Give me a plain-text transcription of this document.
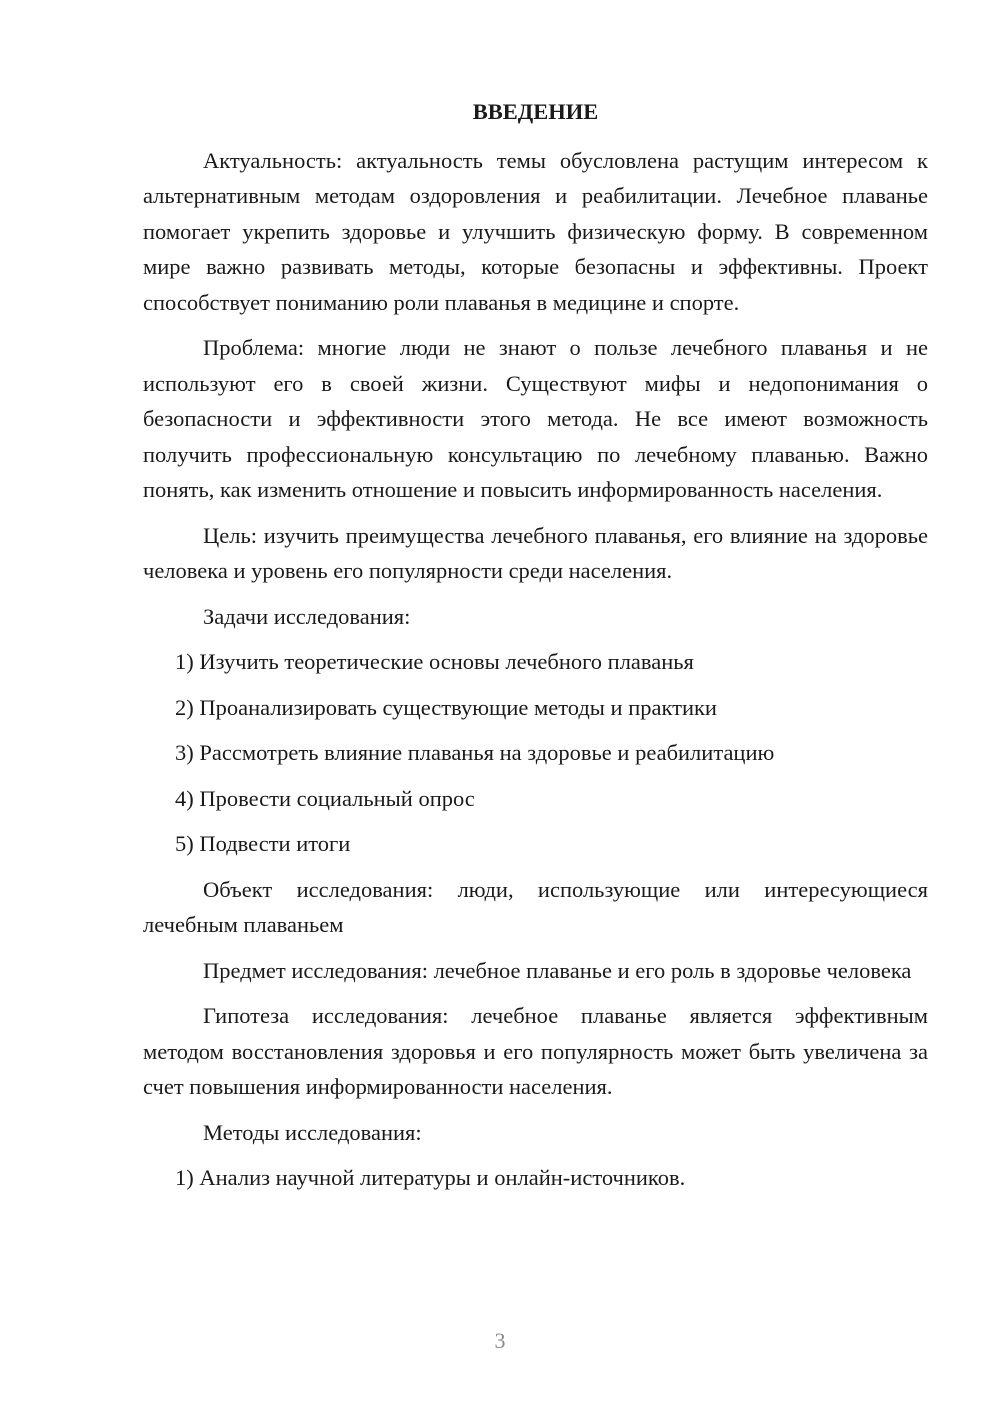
ВВЕДЕНИЕ

Актуальность: актуальность темы обусловлена растущим интересом к альтернативным методам оздоровления и реабилитации. Лечебное плаванье помогает укрепить здоровье и улучшить физическую форму. В современном мире важно развивать методы, которые безопасны и эффективны. Проект способствует пониманию роли плаванья в медицине и спорте.

Проблема: многие люди не знают о пользе лечебного плаванья и не используют его в своей жизни. Существуют мифы и недопонимания о безопасности и эффективности этого метода. Не все имеют возможность получить профессиональную консультацию по лечебному плаванью. Важно понять, как изменить отношение и повысить информированность населения.

Цель: изучить преимущества лечебного плаванья, его влияние на здоровье человека и уровень его популярности среди населения.

Задачи исследования:

1) Изучить теоретические основы лечебного плаванья
2) Проанализировать существующие методы и практики
3) Рассмотреть влияние плаванья на здоровье и реабилитацию
4) Провести социальный опрос
5) Подвести итоги

Объект исследования: люди, использующие или интересующиеся лечебным плаваньем

Предмет исследования: лечебное плаванье и его роль в здоровье человека

Гипотеза исследования: лечебное плаванье является эффективным методом восстановления здоровья и его популярность может быть увеличена за счет повышения информированности населения.

Методы исследования:

1) Анализ научной литературы и онлайн-источников.
3
